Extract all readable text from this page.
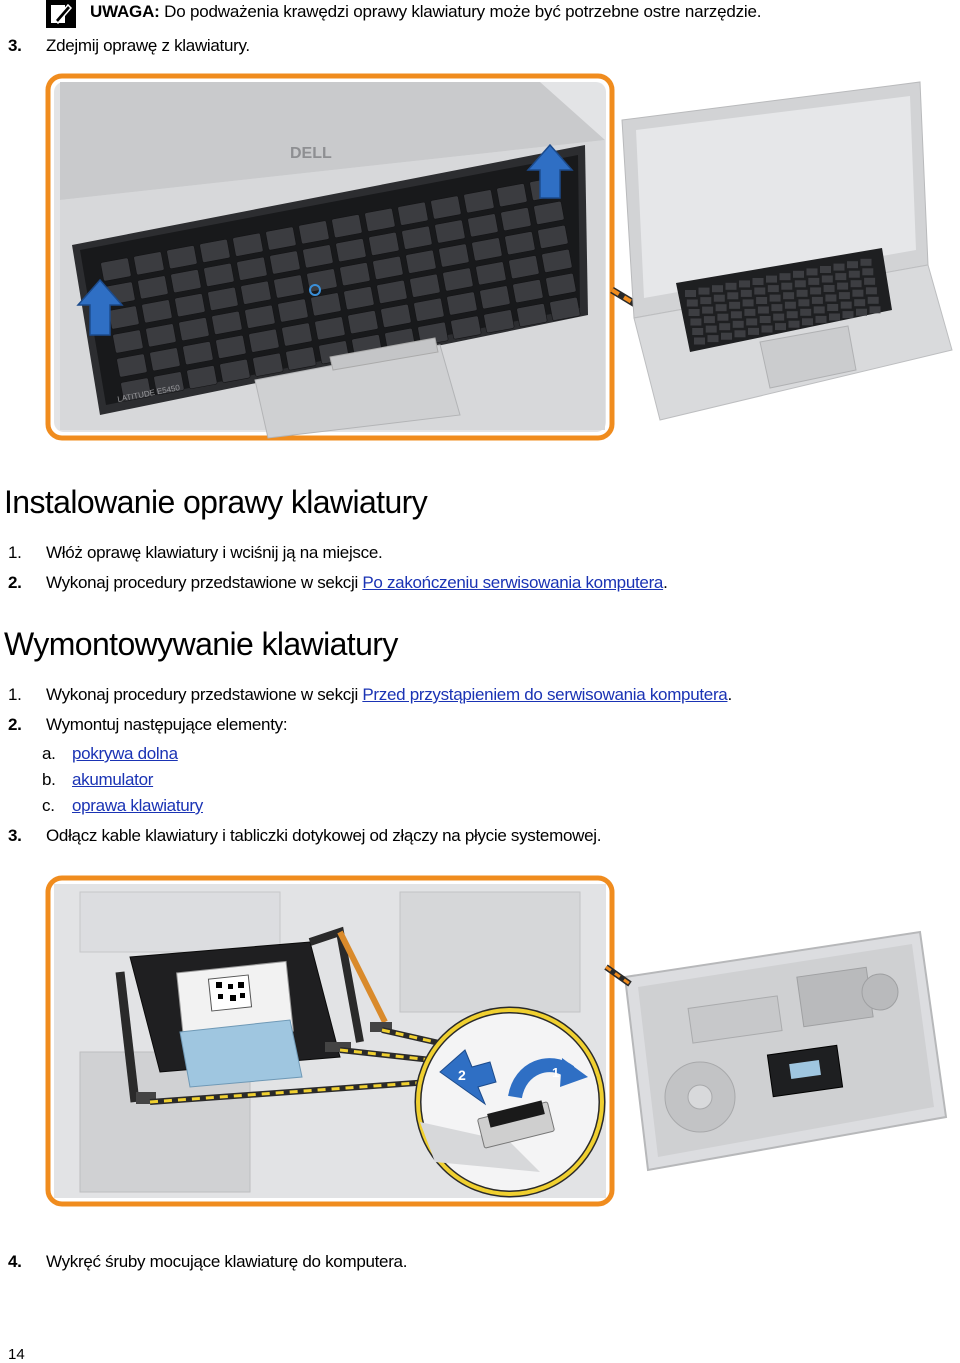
UWAGA: Do podważenia krawędzi oprawy klawiatury może być potrzebne ostre narzędzie.
3. Zdejmij oprawę z klawiatury.
DELL
LATITUDE E5450
Instalowanie oprawy klawiatury
1. Włóż oprawę klawiatury i wciśnij ją na miejsce.
2. Wykonaj procedury przedstawione w sekcji Po zakończeniu serwisowania komputera.
Wymontowywanie klawiatury
1. Wykonaj procedury przedstawione w sekcji Przed przystąpieniem do serwisowania komputera.
2. Wymontuj następujące elementy:
a. pokrywa dolna
b. akumulator
c. oprawa klawiatury
3. Odłącz kable klawiatury i tabliczki dotykowej od złączy na płycie systemowej.
2	1
4. Wykręć śruby mocujące klawiaturę do komputera.
14
